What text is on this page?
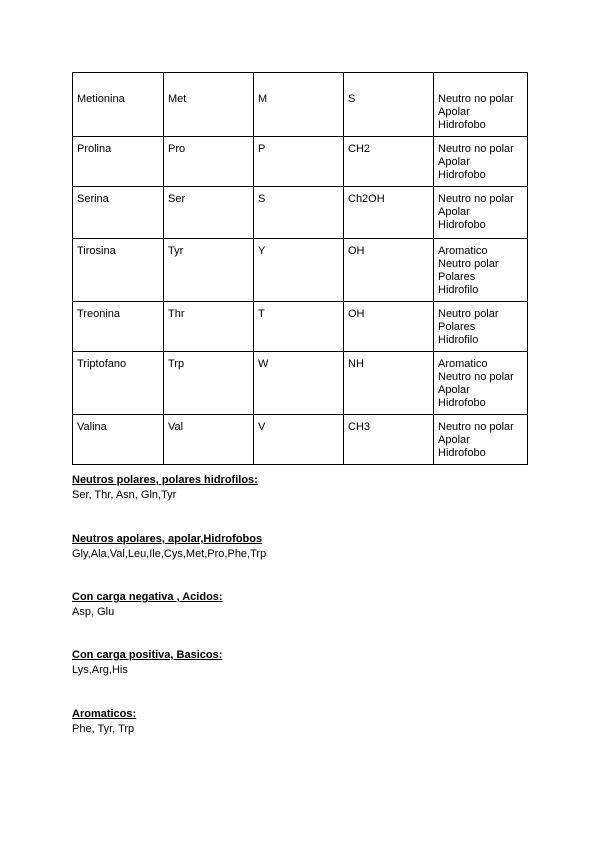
Metionina	Met	M	S	Neutro no polar
Apolar
Hidrofobo

Prolina	Pro	P	CH2	Neutro no polar
Apolar
Hidrofobo

Serina	Ser	S	Ch2OH	Neutro no polar
Apolar
Hidrofobo

Tirosina	Tyr	Y	OH	Aromatico
Neutro polar
Polares
Hidrofilo

Treonina	Thr	T	OH	Neutro polar
Polares
Hidrofilo

Triptofano	Trp	W	NH	Aromatico
Neutro no polar
Apolar
Hidrofobo

Valina	Val	V	CH3	Neutro no polar
Apolar
Hidrofobo
Neutros polares, polares hidrofilos:
Ser, Thr, Asn, Gln,Tyr
Neutros apolares, apolar,Hidrofobos
Gly,Ala,Val,Leu,Ile,Cys,Met,Pro,Phe,Trp
Con carga negativa , Acidos:
Asp, Glu
Con carga positiva, Basicos:
Lys,Arg,His
Aromaticos:
Phe, Tyr, Trp
